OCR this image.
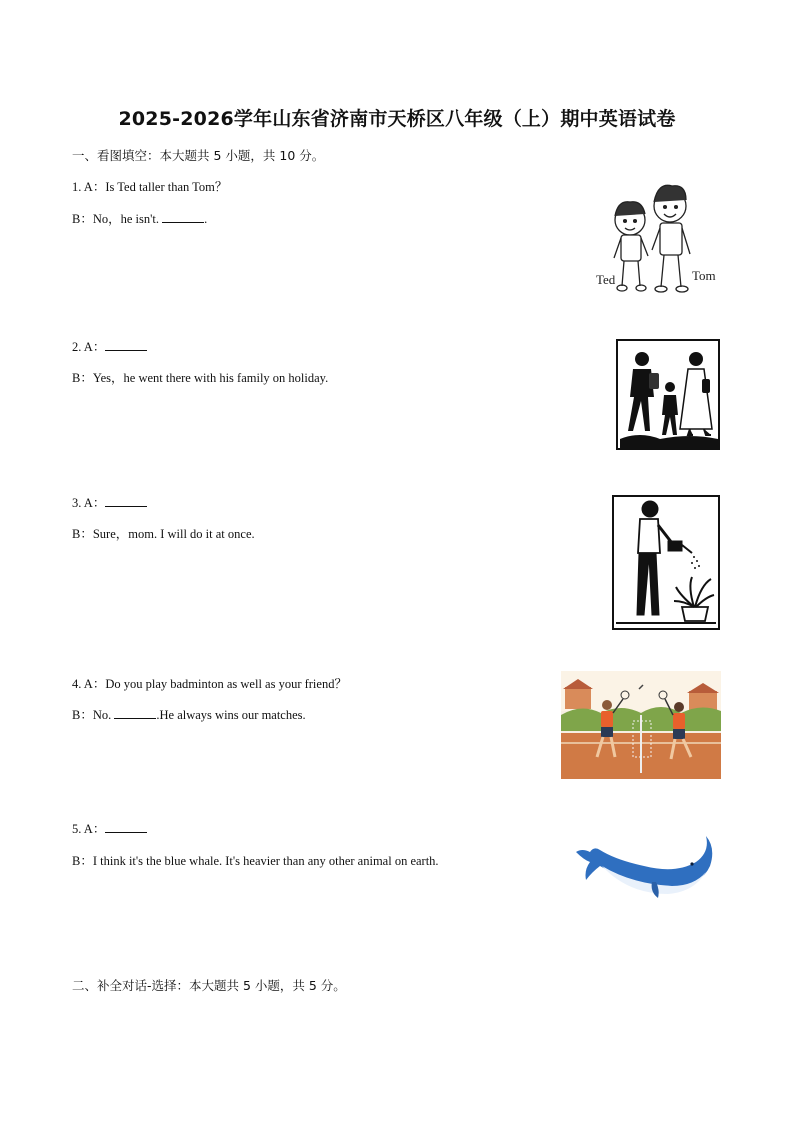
2025-2026学年山东省济南市天桥区八年级（上）期中英语试卷
一、看图填空：本大题共 5 小题，共 10 分。
1. A：Is Ted taller than Tom？
B：No，he isn't.	.
Ted	Tom
2. A：
B：Yes，he went there with his family on holiday.
3. A：
B：Sure，mom. I will do it at once.
4. A：Do you play badminton as well as your friend？
B：No.	.He always wins our matches.
5. A：
B：I think it's the blue whale. It's heavier than any other animal on earth.
二、补全对话-选择：本大题共 5 小题，共 5 分。
